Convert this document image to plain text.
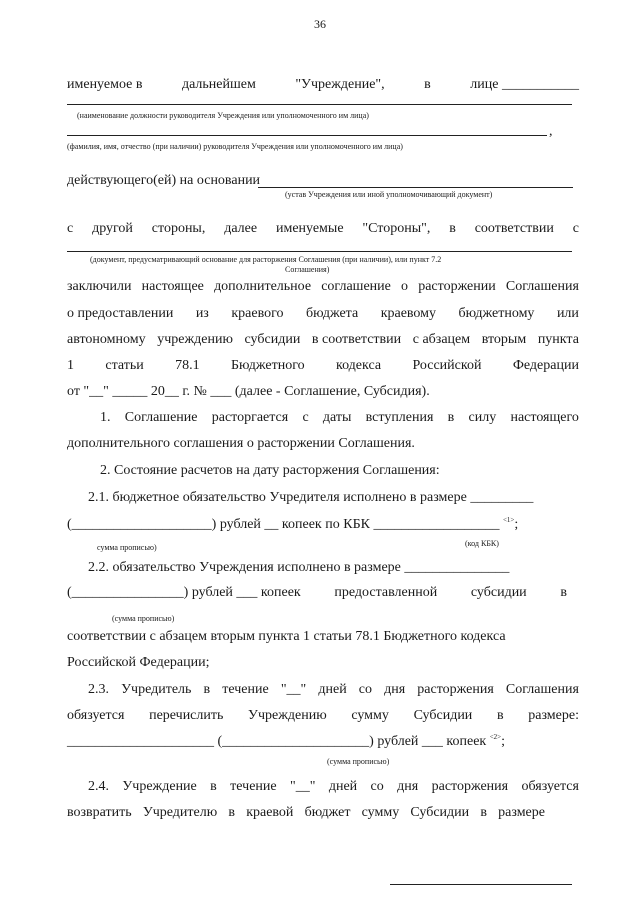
36
именуемое в	дальнейшем	"Учреждение",	в	лице ___________
(наименование должности руководителя Учреждения или уполномоченного им лица)
,
(фамилия, имя, отчество (при наличии) руководителя Учреждения или уполномоченного им лица)
действующего(ей) на основании
(устав Учреждения или иной уполномочивающий документ)
с другой стороны, далее именуемые "Стороны", в соответствии с
(документ, предусматривающий основание для расторжения Соглашения (при наличии), или пункт 7.2
Соглашения)
заключили настоящее дополнительное соглашение о расторжении Соглашения
о предоставлении из краевого бюджета краевому бюджетному или
автономному учреждению субсидии в соответствии с абзацем вторым пункта
1 статьи 78.1 Бюджетного кодекса Российской Федерации
от "__" _____ 20__ г. № ___ (далее - Соглашение, Субсидия).
1. Соглашение расторгается с даты вступления в силу настоящего
дополнительного соглашения о расторжении Соглашения.
2. Состояние расчетов на дату расторжения Соглашения:
2.1. бюджетное обязательство Учредителя исполнено в размере _________
(____________________) рублей __ копеек по КБК __________________ $^{<1>}$;
сумма прописью)	(код КБК)
2.2. обязательство Учреждения исполнено в размере _______________
(________________) рублей ___ копеек предоставленной субсидии в
(сумма прописью)
соответствии с абзацем вторым пункта 1 статьи 78.1 Бюджетного кодекса
Российской Федерации;
2.3. Учредитель в течение "__" дней со дня расторжения Соглашения
обязуется перечислить Учреждению сумму Субсидии в размере:
_____________________ (_____________________) рублей ___ копеек $^{<2>}$;
(сумма прописью)
2.4. Учреждение в течение "__" дней со дня расторжения обязуется
возвратить Учредителю в краевой бюджет сумму Субсидии в размере
